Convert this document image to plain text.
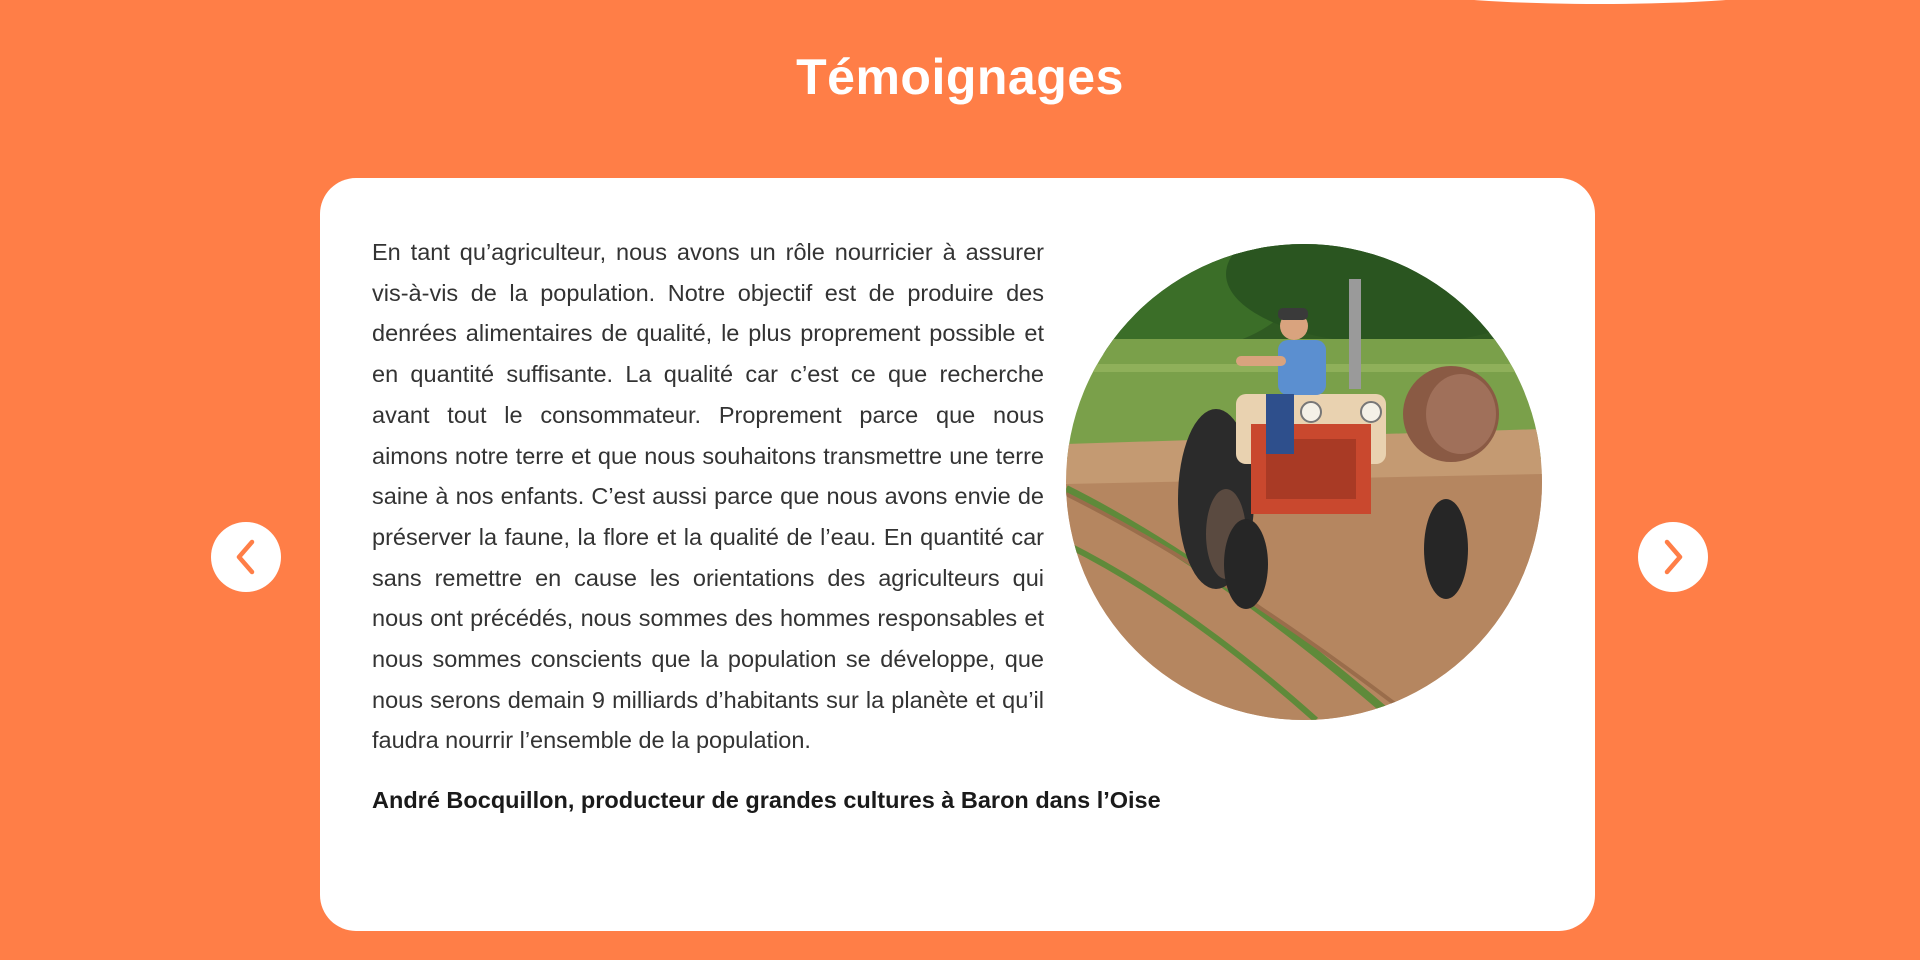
Témoignages

En tant qu’agriculteur, nous avons un rôle nourricier à assurer vis-à-vis de la population. Notre objectif est de produire des denrées alimentaires de qualité, le plus proprement possible et en quantité suffisante. La qualité car c’est ce que recherche avant tout le consommateur. Proprement parce que nous aimons notre terre et que nous souhaitons transmettre une terre saine à nos enfants. C’est aussi parce que nous avons envie de préserver la faune, la flore et la qualité de l’eau. En quantité car sans remettre en cause les orientations des agriculteurs qui nous ont précédés, nous sommes des hommes responsables et nous sommes conscients que la population se développe, que nous serons demain 9 milliards d’habitants sur la planète et qu’il faudra nourrir l’ensemble de la population.

André Bocquillon, producteur de grandes cultures à Baron dans l’Oise
